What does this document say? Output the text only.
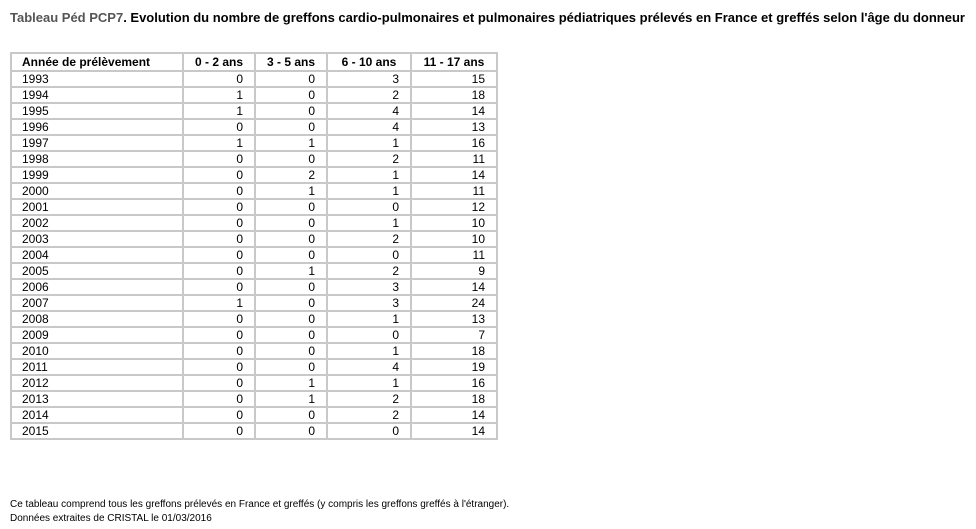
Tableau Péd PCP7. Evolution du nombre de greffons cardio-pulmonaires et pulmonaires pédiatriques prélevés en France et greffés selon l'âge du donneur
Année de prélèvement	0 - 2 ans	3 - 5 ans	6 - 10 ans	11 - 17 ans
1993	0	0	3	15
1994	1	0	2	18
1995	1	0	4	14
1996	0	0	4	13
1997	1	1	1	16
1998	0	0	2	11
1999	0	2	1	14
2000	0	1	1	11
2001	0	0	0	12
2002	0	0	1	10
2003	0	0	2	10
2004	0	0	0	11
2005	0	1	2	9
2006	0	0	3	14
2007	1	0	3	24
2008	0	0	1	13
2009	0	0	0	7
2010	0	0	1	18
2011	0	0	4	19
2012	0	1	1	16
2013	0	1	2	18
2014	0	0	2	14
2015	0	0	0	14
Ce tableau comprend tous les greffons prélevés en France et greffés (y compris les greffons greffés à l'étranger).
Données extraites de CRISTAL le 01/03/2016
